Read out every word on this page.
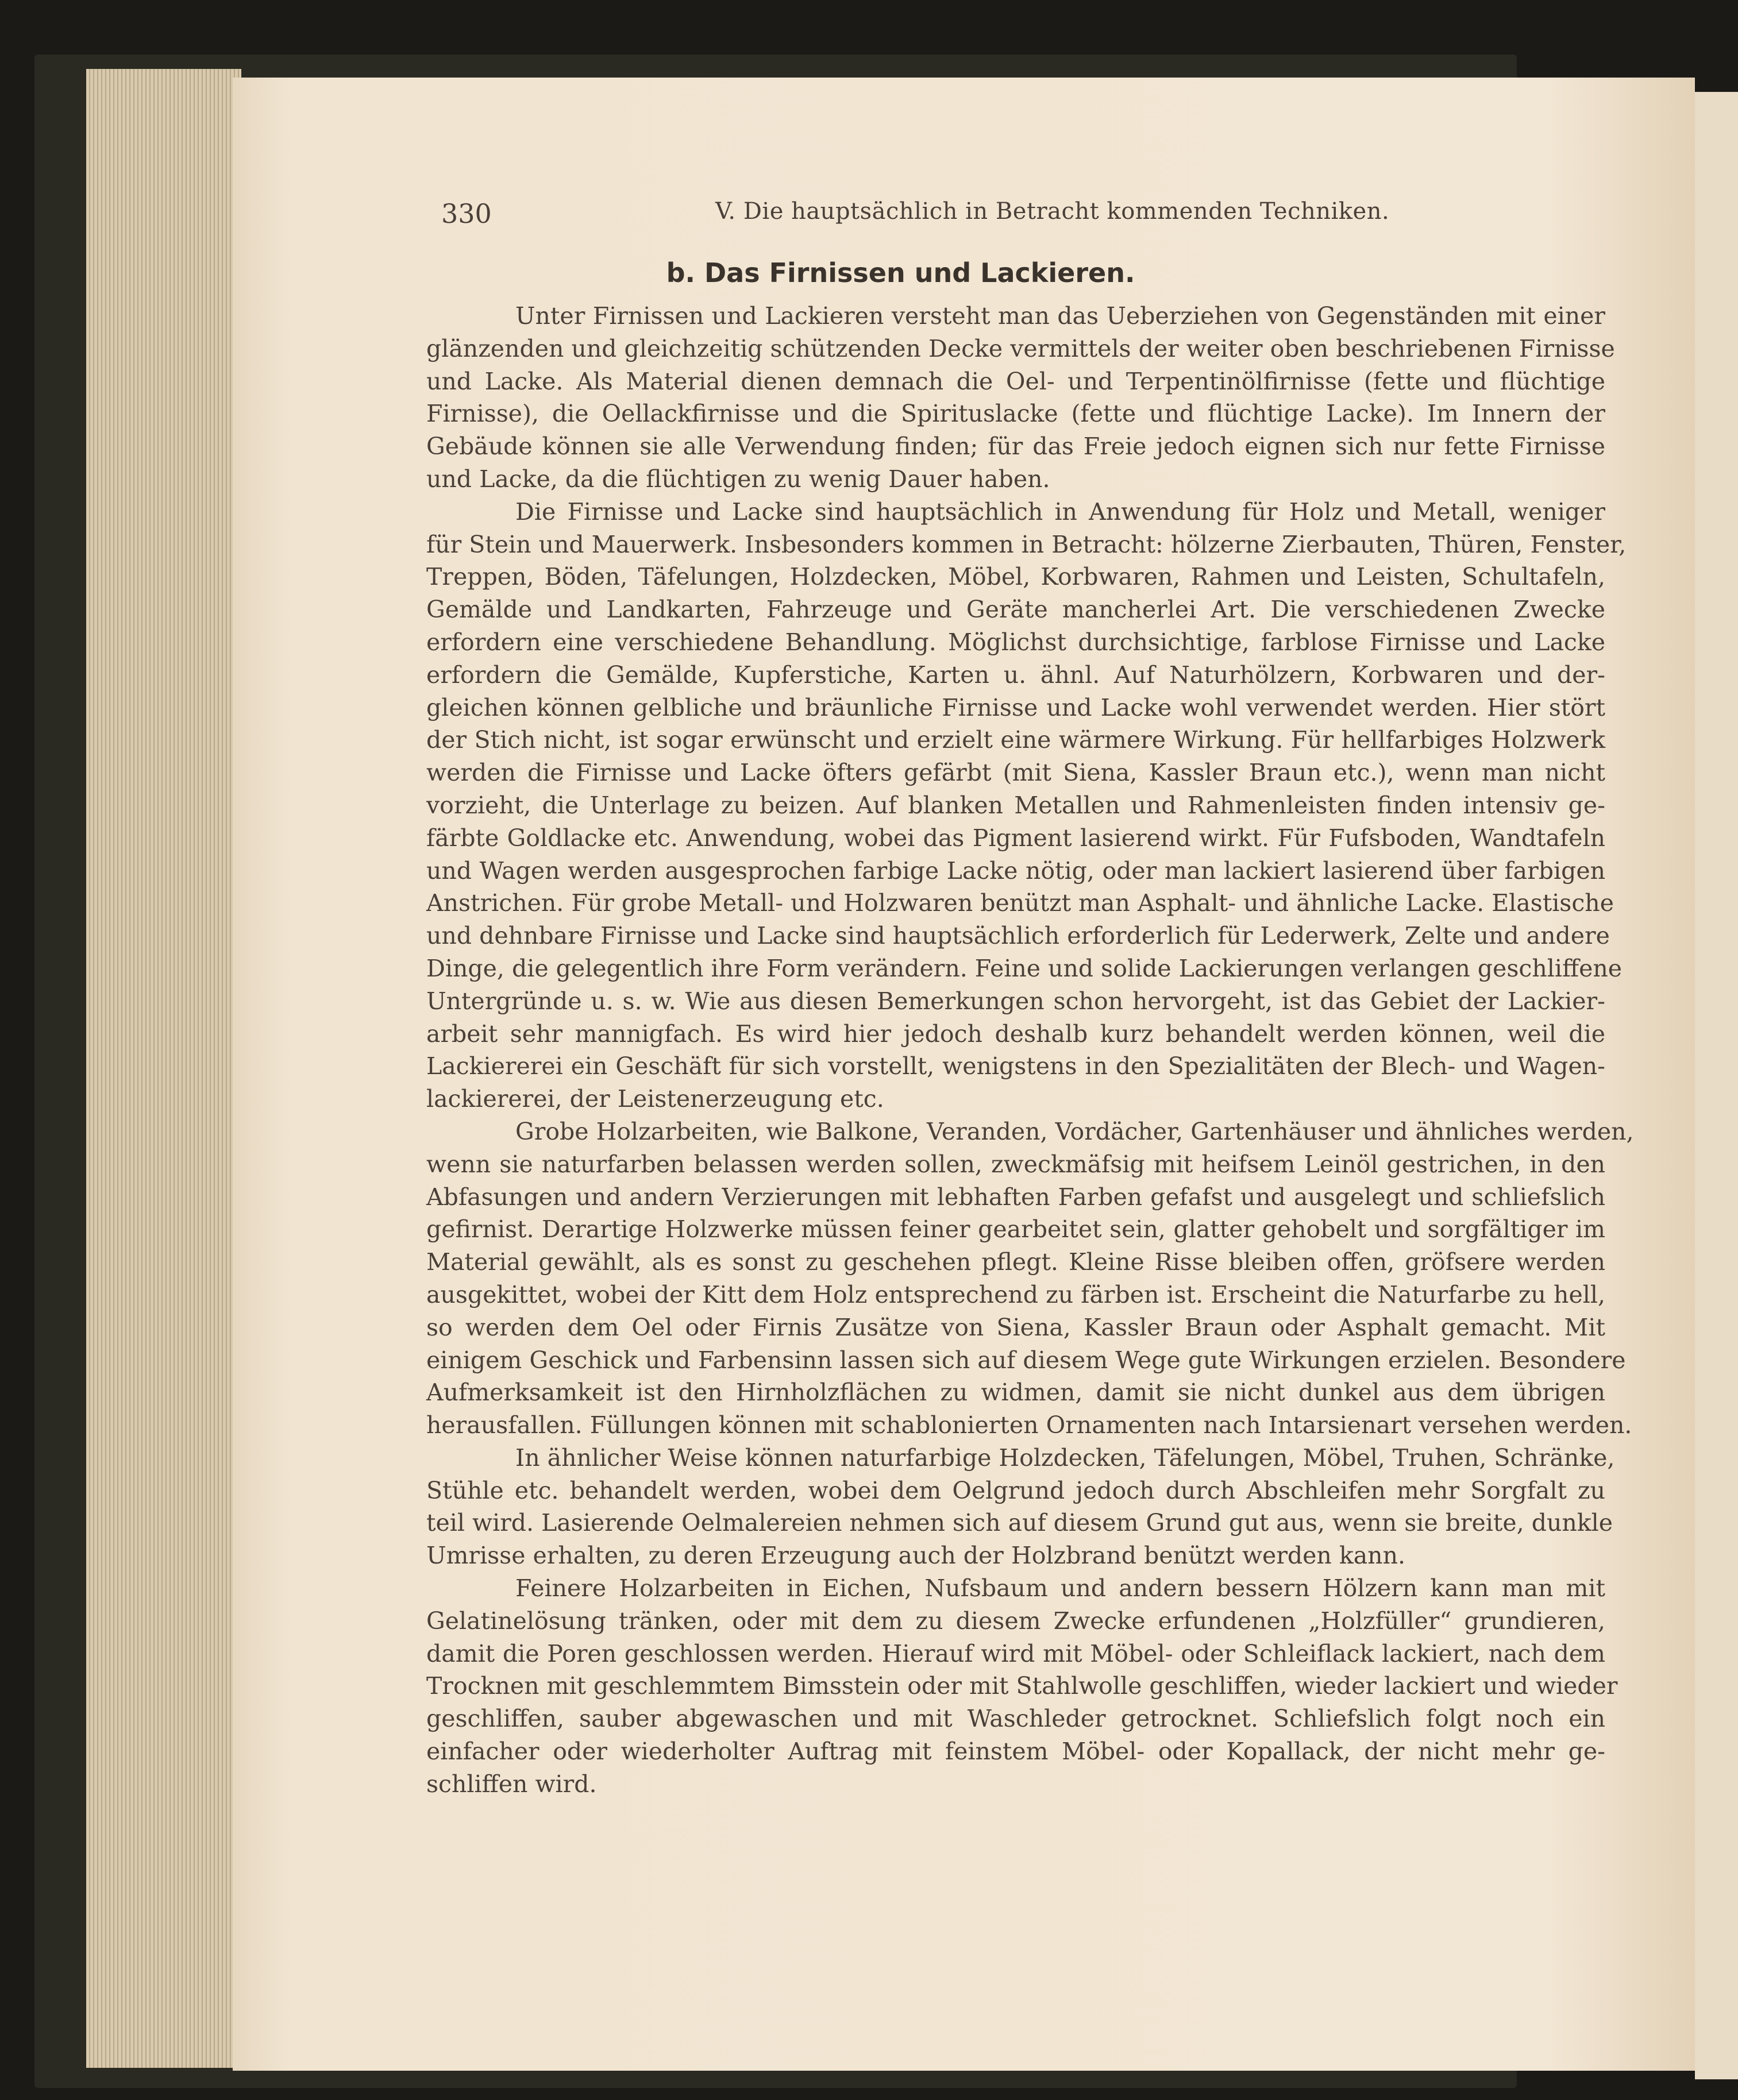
330	V. Die hauptsächlich in Betracht kommenden Techniken.
b. Das Firnissen und Lackieren.
Unter Firnissen und Lackieren versteht man das Ueberziehen von Gegenständen mit einer
glänzenden und gleichzeitig schützenden Decke vermittels der weiter oben beschriebenen Firnisse
und Lacke. Als Material dienen demnach die Oel- und Terpentinölfirnisse (fette und flüchtige
Firnisse), die Oellackfirnisse und die Spirituslacke (fette und flüchtige Lacke). Im Innern der
Gebäude können sie alle Verwendung finden; für das Freie jedoch eignen sich nur fette Firnisse
und Lacke, da die flüchtigen zu wenig Dauer haben.
Die Firnisse und Lacke sind hauptsächlich in Anwendung für Holz und Metall, weniger
für Stein und Mauerwerk. Insbesonders kommen in Betracht: hölzerne Zierbauten, Thüren, Fenster,
Treppen, Böden, Täfelungen, Holzdecken, Möbel, Korbwaren, Rahmen und Leisten, Schultafeln,
Gemälde und Landkarten, Fahrzeuge und Geräte mancherlei Art. Die verschiedenen Zwecke
erfordern eine verschiedene Behandlung. Möglichst durchsichtige, farblose Firnisse und Lacke
erfordern die Gemälde, Kupferstiche, Karten u. ähnl. Auf Naturhölzern, Korbwaren und der-
gleichen können gelbliche und bräunliche Firnisse und Lacke wohl verwendet werden. Hier stört
der Stich nicht, ist sogar erwünscht und erzielt eine wärmere Wirkung. Für hellfarbiges Holzwerk
werden die Firnisse und Lacke öfters gefärbt (mit Siena, Kassler Braun etc.), wenn man nicht
vorzieht, die Unterlage zu beizen. Auf blanken Metallen und Rahmenleisten finden intensiv ge-
färbte Goldlacke etc. Anwendung, wobei das Pigment lasierend wirkt. Für Fufsboden, Wandtafeln
und Wagen werden ausgesprochen farbige Lacke nötig, oder man lackiert lasierend über farbigen
Anstrichen. Für grobe Metall- und Holzwaren benützt man Asphalt- und ähnliche Lacke. Elastische
und dehnbare Firnisse und Lacke sind hauptsächlich erforderlich für Lederwerk, Zelte und andere
Dinge, die gelegentlich ihre Form verändern. Feine und solide Lackierungen verlangen geschliffene
Untergründe u. s. w. Wie aus diesen Bemerkungen schon hervorgeht, ist das Gebiet der Lackier-
arbeit sehr mannigfach. Es wird hier jedoch deshalb kurz behandelt werden können, weil die
Lackiererei ein Geschäft für sich vorstellt, wenigstens in den Spezialitäten der Blech- und Wagen-
lackiererei, der Leistenerzeugung etc.
Grobe Holzarbeiten, wie Balkone, Veranden, Vordächer, Gartenhäuser und ähnliches werden,
wenn sie naturfarben belassen werden sollen, zweckmäfsig mit heifsem Leinöl gestrichen, in den
Abfasungen und andern Verzierungen mit lebhaften Farben gefafst und ausgelegt und schliefslich
gefirnist. Derartige Holzwerke müssen feiner gearbeitet sein, glatter gehobelt und sorgfältiger im
Material gewählt, als es sonst zu geschehen pflegt. Kleine Risse bleiben offen, gröfsere werden
ausgekittet, wobei der Kitt dem Holz entsprechend zu färben ist. Erscheint die Naturfarbe zu hell,
so werden dem Oel oder Firnis Zusätze von Siena, Kassler Braun oder Asphalt gemacht. Mit
einigem Geschick und Farbensinn lassen sich auf diesem Wege gute Wirkungen erzielen. Besondere
Aufmerksamkeit ist den Hirnholzflächen zu widmen, damit sie nicht dunkel aus dem übrigen
herausfallen. Füllungen können mit schablonierten Ornamenten nach Intarsienart versehen werden.
In ähnlicher Weise können naturfarbige Holzdecken, Täfelungen, Möbel, Truhen, Schränke,
Stühle etc. behandelt werden, wobei dem Oelgrund jedoch durch Abschleifen mehr Sorgfalt zu
teil wird. Lasierende Oelmalereien nehmen sich auf diesem Grund gut aus, wenn sie breite, dunkle
Umrisse erhalten, zu deren Erzeugung auch der Holzbrand benützt werden kann.
Feinere Holzarbeiten in Eichen, Nufsbaum und andern bessern Hölzern kann man mit
Gelatinelösung tränken, oder mit dem zu diesem Zwecke erfundenen „Holzfüller“ grundieren,
damit die Poren geschlossen werden. Hierauf wird mit Möbel- oder Schleiflack lackiert, nach dem
Trocknen mit geschlemmtem Bimsstein oder mit Stahlwolle geschliffen, wieder lackiert und wieder
geschliffen, sauber abgewaschen und mit Waschleder getrocknet. Schliefslich folgt noch ein
einfacher oder wiederholter Auftrag mit feinstem Möbel- oder Kopallack, der nicht mehr ge-
schliffen wird.
